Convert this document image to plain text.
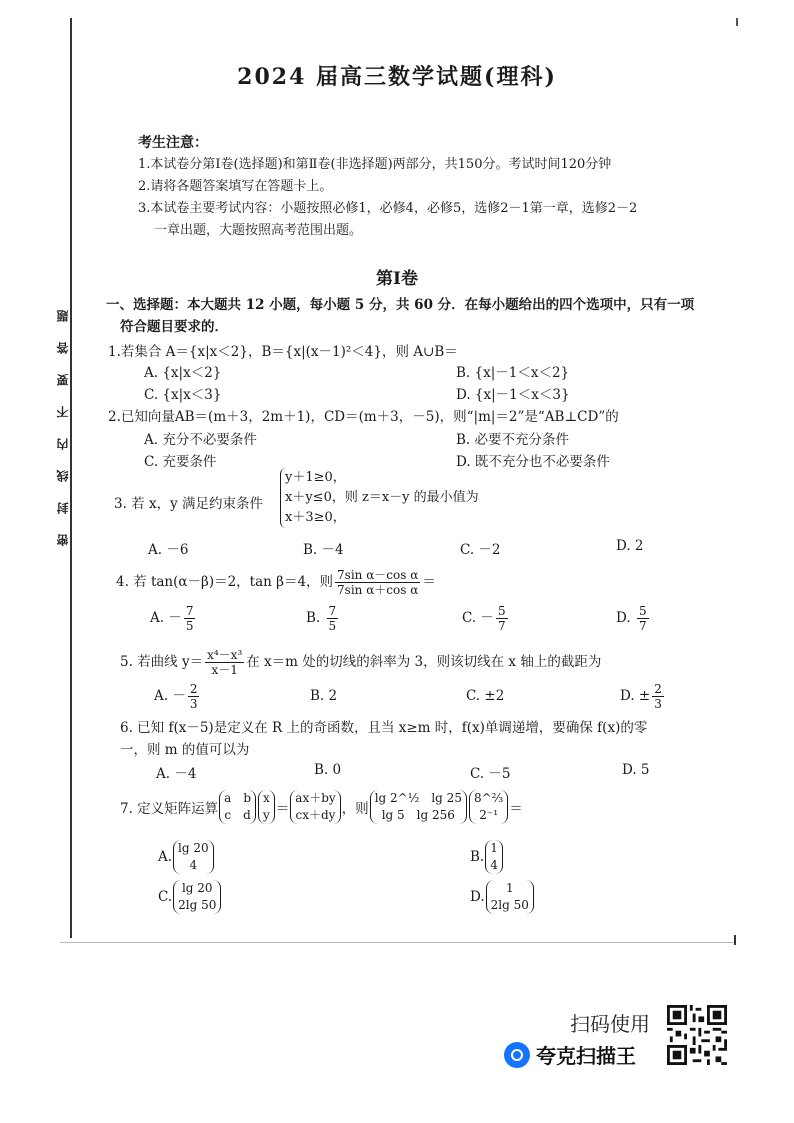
题
答
要
不
内
线
封
密
2024 届高三数学试题(理科)
考生注意：
1.本试卷分第Ⅰ卷(选择题)和第Ⅱ卷(非选择题)两部分，共150分。考试时间120分钟
2.请将各题答案填写在答题卡上。
3.本试卷主要考试内容：小题按照必修1，必修4，必修5，选修2－1第一章，选修2－2
一章出题，大题按照高考范围出题。
第Ⅰ卷
一、选择题：本大题共 12 小题，每小题 5 分，共 60 分．在每小题给出的四个选项中，只有一项
符合题目要求的．
1.若集合 A＝{x|x＜2}，B＝{x|(x－1)²＜4}，则 A∪B＝
A. {x|x＜2}	B. {x|－1＜x＜2}
C. {x|x＜3}	D. {x|－1＜x＜3}
2.已知向量AB＝(m＋3，2m＋1)，CD＝(m＋3，－5)，则“|m|＝2”是“AB⊥CD”的
A. 充分不必要条件	B. 必要不充分条件
C. 充要条件	D. 既不充分也不必要条件
3. 若 x，y 满足约束条件
y＋1≥0，
x＋y≤0，则 z＝x－y 的最小值为
x＋3≥0，
A. －6	B. －4	C. －2	D. 2
4. 若 tan(α－β)＝2，tan β＝4，则 $\frac{\text{7sin α－cos α}}{\text{7sin α＋cos α}}$ ＝
A. － $\frac{7}{5}$	B. $\frac{7}{5}$	C. － $\frac{5}{7}$	D. $\frac{5}{7}$
5. 若曲线 $y= \frac{\text{x⁴－x³}}{x-1}$ 在 x＝m 处的切线的斜率为 3，则该切线在 x 轴上的截距为
A. － $\frac{2}{3}$	B. 2	C. ±2	D. ± $\frac{2}{3}$
6. 已知 f(x－5)是定义在 R 上的奇函数，且当 x≥m 时，f(x)单调递增，要确保 f(x)的零
一，则 m 的值可以为
A. －4	B. 0	C. －5	D. 5
7. 定义矩阵运算
a b
c d
x
y ＝
ax＋by
cx＋dy ，则
lg 2^½ lg 25
lg 5 lg 256
8^⅔
2⁻¹ ＝
A.
lg 20
4	B.
1
4
C.
lg 20
2lg 50	D.
1
2lg 50
扫码使用
夸克扫描王
